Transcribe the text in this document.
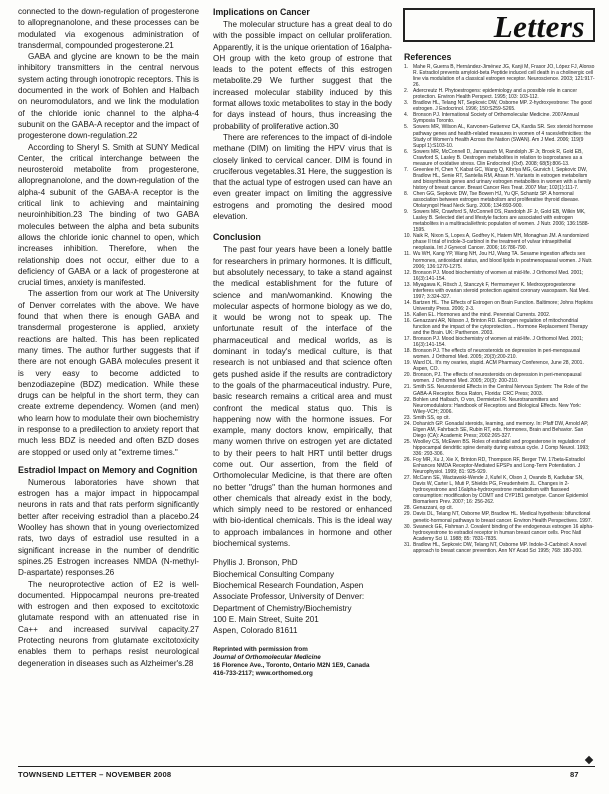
connected to the down-regulation of progesterone to allopregnanolone, and these processes can be modulated via exogenous administration of transdermal, compounded progesterone.21

GABA and glycine are known to be the main inhibitory transmitters in the central nervous system acting through ionotropic receptors. This is documented in the work of Bohlen and Halbach on neuromodulators, and we link the modulation of the chloride ionic channel to the alpha-4 subunit on the GABA-A receptor and the impact of progesterone down-regulation.22

According to Sheryl S. Smith at SUNY Medical Center, the critical interchange between the neurosteroid metabolite from progesterone, allopregnanolone, and the down-regulation of the alpha-4 subunit of the GABA-A receptor is the critical link to achieving and maintaining neuroinhibition.23 The binding of two GABA molecules between the alpha and beta subunits allows the chloride ionic channel to open, which increases inhibition. Therefore, when the relationship does not occur, either due to a deficiency of GABA or a lack of progesterone at crucial times, anxiety is manifested.

The assertion from our work at The University of Denver correlates with the above. We have found that when there is enough GABA and transdermal progesterone is applied, anxiety reactions are halted. This has been replicated many times. The author further suggests that if there are not enough GABA molecules present it is very easy to become addicted to benzodiazepine (BDZ) medication. While these drugs can be helpful in the short term, they can create extreme dependency. Women (and men) who learn how to modulate their own biochemistry in response to a predilection to anxiety report that much less BDZ is needed and often BZD doses are stopped or used only at "extreme times."

Estradiol Impact on Memory and Cognition

Numerous laboratories have shown that estrogen has a major impact in hippocampal neurons in rats and that rats perform significantly better after receiving estradiol than a placebo.24 Woolley has shown that in young overiectomized rats, two days of estradiol use resulted in a significant increase in the number of dendritic spines.25 Estrogen increases NMDA (N-methyl-D-aspartate) responses.26

The neuroprotective action of E2 is well-documented. Hippocampal neurons pre-treated with estrogen and then exposed to excitotoxic glutamate respond with an attenuated rise in Ca++ and increased survival capacity.27 Protecting neurons from glutamate excitotoxicity enables them to perhaps resist neurological degeneration in diseases such as Alzheimer's.28

Implications on Cancer

The molecular structure has a great deal to do with the possible impact on cellular proliferation. Apparently, it is the unique orientation of 16alpha-OH group with the keto group of estrone that leads to the potent effects of this estrogen metabolite.29 We further suggest that the increased molecular stability induced by this format allows toxic metabolites to stay in the body for days instead of hours, thus increasing the probability of proliferative action.30

There are references to the impact of di-indole methane (DIM) on limiting the HPV virus that is closely linked to cervical cancer. DIM is found in cruciferous vegetables.31 Here, the suggestion is that the actual type of estrogen used can have an even greater impact on limiting the aggressive estrogens and promoting the desired mood elevation.

Conclusion

The past four years have been a lonely battle for researchers in primary hormones. It is difficult, but absolutely necessary, to take a stand against the medical establishment for the future of science and man/womankind. Knowing the molecular aspects of hormone biology as we do, it would be wrong not to speak up. The unfortunate result of the interface of the pharmaceutical and medical worlds, as is dominant in today's medical culture, is that research is not unbiased and that science often gets pushed aside if the results are contradictory to the goals of the pharmaceutical industry. Pure, basic research remains a critical area and must confront the medical status quo. This is happening now with the hormone issues. For example, many doctors know, empirically, that many women thrive on estrogen yet are dictated to by their peers to halt HRT until better drugs come out. Our assertion, from the field of Orthomolecular Medicine, is that there are often no better "drugs" than the human hormones and other chemicals that already exist in the body, which simply need to be restored or enhanced with bio-identical chemicals. This is the ideal way to approach imbalances in hormone and other biochemical systems.

Phyllis J. Bronson, PhD
Biochemical Consulting Company
Biochemical Research Foundation, Aspen
Associate Professor, University of Denver:
Department of Chemistry/Biochemistry
100 E. Main Street, Suite 201
Aspen, Colorado 81611
Reprinted with permission from
Journal of Orthomolecular Medicine
16 Florence Ave., Toronto, Ontario M2N 1E9, Canada
416-733-2117; www.orthomed.org
Letters
References
1. Mahe R, Guerra B, Hernández-Jiménez JG, Kanji M, Frasor JO, López FJ, Alonso R. Estradiol prevents amyloid-beta Peptide induced cell death in a cholinergic cell line via modulation of a classical estrogen receptor. Neuroscience. 2003; 121:917-26.
2. Adercreutz H. Phytoestrogens: epidemiology and a possible role in cancer protection. Environ Health Perspect. 1995; 103: 103-112.
3. Bradlow HL, Telang NT, Sepkovic DW, Osborne MP. 2-hydroxyestrone: The good estrogen. J Endocrinol. 1996; 150:S259-S265.
4. Bronson PJ. International Society of Orthomolecular Medicine. 2007Annual Symposia Toronto.
5. Sowers MR, Wilson AL, Karvonen-Gutierrez CA, Kardia SR. Sex steroid hormone pathway genes and health-related measures in women of 4 races/ethnicities: the Study of Women's Health Across the Nation (SWAN). Am J Med. 2006; 119(9 Suppl 1):S103-10.
6. Sowers MR, McConnell D, Jannausch M, Randolph JF Jr, Brook R, Gold EB, Crawford S, Lasley B. Oestrogen metabolites in relation to isoprostanes as a measure of oxidative stress. Clin Endocrinol (Oxf). 2008; 68(5):806-13.
7. Greenlee H, Chen Y, Kabat GC, Wang Q, Kibriya MG, Gurvich I, Sepkovic DW, Bradlow HL, Senie RT, Santella RM, Ahsan H. Variants in estrogen metabolism and biosynthesis genes and urinary estrogen metabolites in women with a family history of breast cancer. Breast Cancer Res Treat. 2007 Mar; 102(1):111-7.
8. Chen GG, Sepkovic DW, Tse Bowen HJ, Yu QF, Schantz SP. A hormonal association between estrogen metabolism and proliferative thyroid disease. Otolaryngol Head Neck Surg. 2006; 134:893-900.
9. Sowers MR, Crawford S, McConnell DS, Randolph JF Jr, Gold EB, Wilkin MK, Lasley B. Selected diet and lifestyle factors are associated with estrogen metabolites in a multiracial/ethnic population of women. J Nutr. 2006; 136:1588-1595.
10. Naik R, Nixon S, Lopes A, Godfrey K, Hatem MH, Monaghan JM. A randomized phase II trial of indole-3-carbinol in the treatment of vulvar intraepithelial neoplasia. Int J Gynecol Cancer. 2006; 16:786-790.
11. Wu WH, Kang YP, Wang NH, Jou HJ, Wang TA. Sesame ingestion affects sex hormones, antioxidant status, and blood lipids in postmenopausal women. J Nutr. 2006; 136:1270-1275.
12. Bronson PJ. Mood biochemistry of women at mid-life. J Orthomol Med. 2001; 16(3):141-154.
13. Miyagawa K, Rösch J, Stanczyk F, Hermsmeyer K. Medroxyprogesterone interferes with ovarian steroid protection against coronary vasospasm. Nat Med. 1997; 3:324-327.
14. Bartzen HL. The Effects of Estrogen on Brain Function. Baltimore; Johns Hopkins University Press. 2006; 2-3.
15. Kallen EL. Hormones and the mind. Perennial Currents. 2002.
16. Genazzani AR, Nilsson J, Brinton RD. Estrogen regulation of mitochondrial function and the impact of the cytoprotection... Hormone Replacement Therapy and the Brain. UK: Parthenon. 2003.
17. Bronson PJ. Mood biochemistry of women at mid-life. J Orthomol Med. 2001; 16(3):141-154.
18. Bronson PJ. The effects of neurosteroids on depression in peri-menopausal women. J Orthomol Med. 2005; 20(3):200-210.
19. Ward DL. It's my ovaries, stupid. ACM Pharmacy Conference, June 28, 2001. Aspen, CO.
20. Bronson, PJ. The effects of neurosteroids on depression in peri-menopausal women. J Orthomol Med. 2005; 20(3): 200-210.
21. Smith SS. Neurosteroid Effects in the Central Nervous System: The Role of the GABA-A Receptor. Boca Raton, Florida: CRC Press; 2003.
22. Bohlen und Halbach, O von, Dermietzel R. Neurotransmitters and Neuromodulators: Handbook of Receptors and Biological Effects. New York: Wiley-VCH; 2006.
23. Smith SS, op cit.
24. Dohanich GP. Gonadal steroids, learning, and memory. In: Pfaff DW, Arnold AP, Etgen AM, Fahrbach SE, Rubin RT, eds. Hormones, Brain and Behavior. San Diego (CA): Academic Press; 2002:265-327.
25. Woolley CS, McEwen BS. Roles of estradiol and progesterone in regulation of hippocampal dendritic spine density during estrous cycle. J Comp Neurol. 1993; 336: 293-306.
26. Foy MR, Xu J, Xie X, Brinton RD, Thompson RF, Berger TW. 17beta-Estradiol Enhances NMDA Receptor-Mediated EPSPs and Long-Term Potentiation. J Neurophysiol. 1999; 81: 925-929.
27. McCann SE, Wactawski-Wende J, Kufel K, Olson J, Ovando B, Kadlubar SN, Davis W, Carter L, Muti P, Shields PG, Freudenheim JL. Changes in 2-hydroxyestrone and 16alpha-hydroxyestrone metabolism with flaxseed consumption: modification by COMT and CYP1B1 genotype. Cancer Epidemiol Biomarkers Prev. 2007; 16: 256-262.
28. Genazzani, op cit.
29. Davis DL, Telang NT, Osborne MP, Bradlow HL. Medical hypothesis: bifunctional genetic-hormonal pathways to breast cancer. Environ Health Perspectives. 1997.
30. Swaneck GE, Fishman J. Covalent binding of the endogenous estrogen 16 alpha-hydroxyestrone to estradiol receptor in human breast cancer cells. Proc Natl Academy Sci U. 1988; 85: 7831-7835.
31. Bradlow HL, Sepkovic DW, Telang NT, Osborne MP. Indole-3-Carbinol: A novel approach to breast cancer prevention. Ann NY Acad Sci 1995; 768: 180-200.
TOWNSEND LETTER – NOVEMBER 2008	87
